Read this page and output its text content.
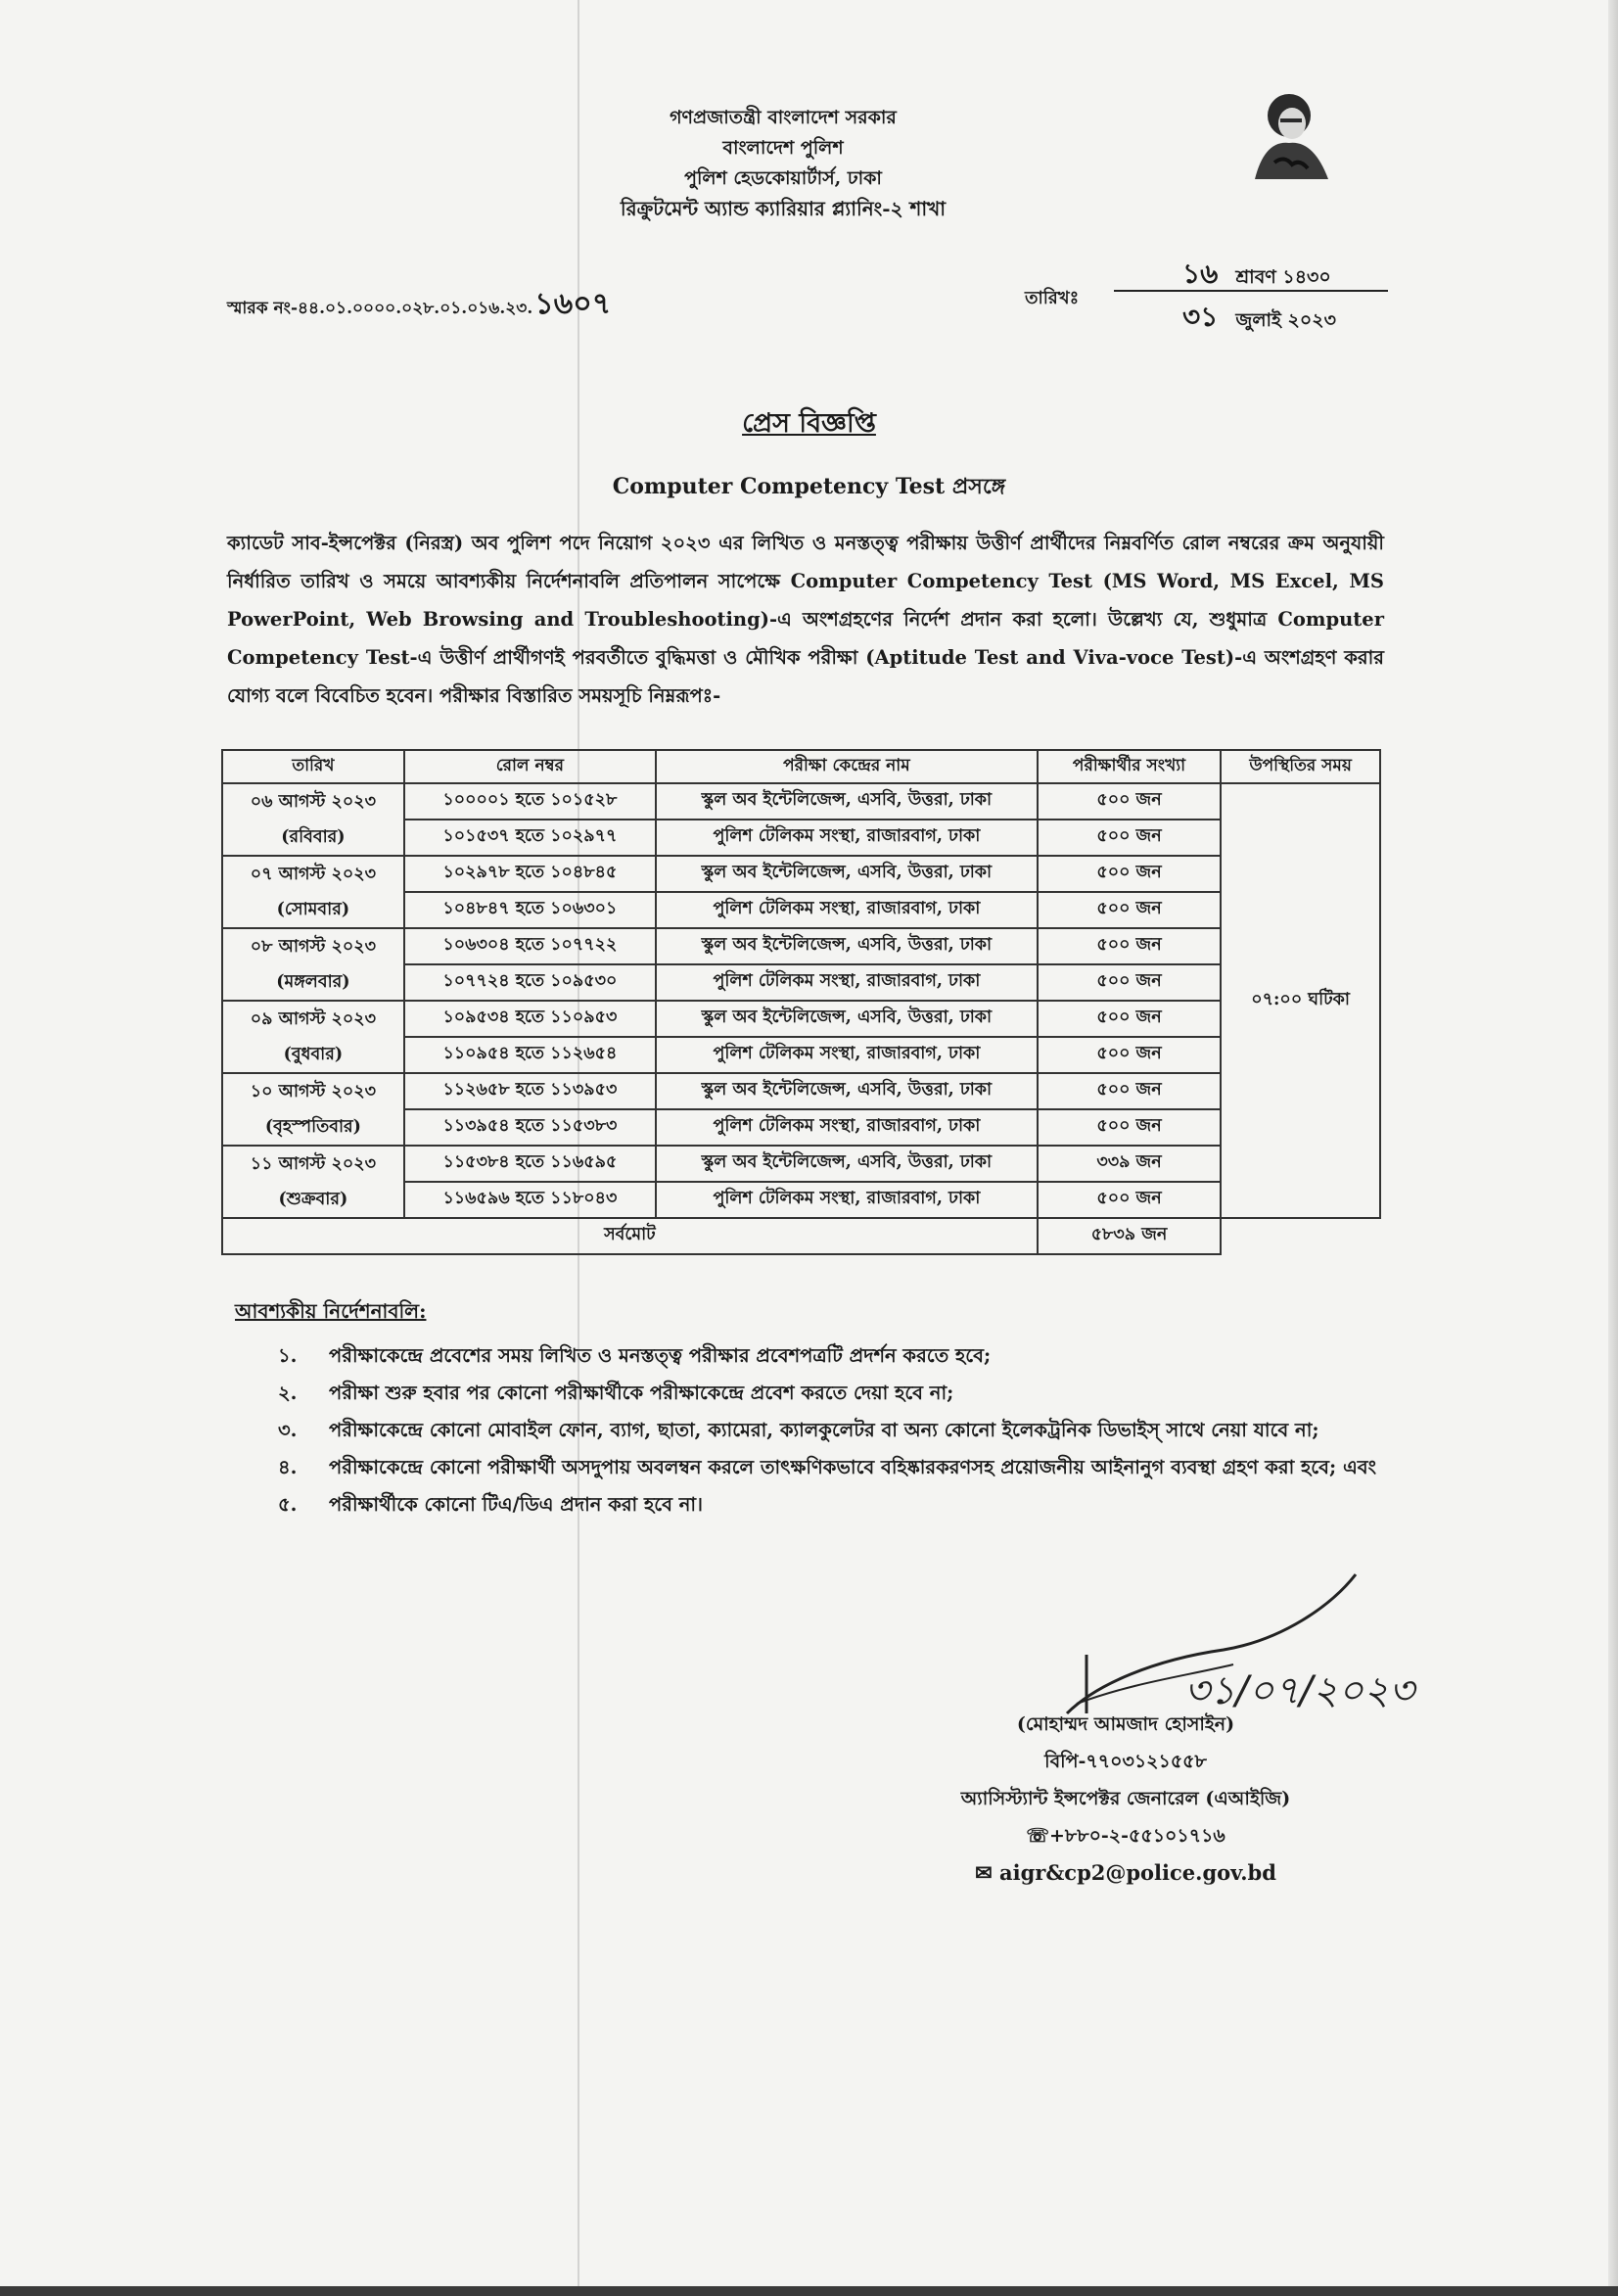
গণপ্রজাতন্ত্রী বাংলাদেশ সরকার
বাংলাদেশ পুলিশ
পুলিশ হেডকোয়ার্টার্স, ঢাকা
রিক্রুটমেন্ট অ্যান্ড ক্যারিয়ার প্ল্যানিং-২ শাখা
স্মারক নং-৪৪.০১.০০০০.০২৮.০১.০১৬.২৩.১৬০৭	তারিখঃ
১৬ শ্রাবণ ১৪৩০
৩১ জুলাই ২০২৩
প্রেস বিজ্ঞপ্তি
Computer Competency Test প্রসঙ্গে
ক্যাডেট সাব-ইন্সপেক্টর (নিরস্ত্র) অব পুলিশ পদে নিয়োগ ২০২৩ এর লিখিত ও মনস্তত্ত্ব পরীক্ষায় উত্তীর্ণ প্রার্থীদের নিম্নবর্ণিত রোল নম্বরের ক্রম অনুযায়ী নির্ধারিত তারিখ ও সময়ে আবশ্যকীয় নির্দেশনাবলি প্রতিপালন সাপেক্ষে Computer Competency Test (MS Word, MS Excel, MS PowerPoint, Web Browsing and Troubleshooting)-এ অংশগ্রহণের নির্দেশ প্রদান করা হলো। উল্লেখ্য যে, শুধুমাত্র Computer Competency Test-এ উত্তীর্ণ প্রার্থীগণই পরবর্তীতে বুদ্ধিমত্তা ও মৌখিক পরীক্ষা (Aptitude Test and Viva-voce Test)-এ অংশগ্রহণ করার যোগ্য বলে বিবেচিত হবেন। পরীক্ষার বিস্তারিত সময়সূচি নিম্নরূপঃ-
তারিখ	রোল নম্বর	পরীক্ষা কেন্দ্রের নাম	পরীক্ষার্থীর সংখ্যা	উপস্থিতির সময়
০৬ আগস্ট ২০২৩
(রবিবার)	১০০০০১ হতে ১০১৫২৮	স্কুল অব ইন্টেলিজেন্স, এসবি, উত্তরা, ঢাকা	৫০০ জন	০৭:০০ ঘটিকা
	১০১৫৩৭ হতে ১০২৯৭৭	পুলিশ টেলিকম সংস্থা, রাজারবাগ, ঢাকা	৫০০ জন	
০৭ আগস্ট ২০২৩
(সোমবার)	১০২৯৭৮ হতে ১০৪৮৪৫	স্কুল অব ইন্টেলিজেন্স, এসবি, উত্তরা, ঢাকা	৫০০ জন	
	১০৪৮৪৭ হতে ১০৬৩০১	পুলিশ টেলিকম সংস্থা, রাজারবাগ, ঢাকা	৫০০ জন	
০৮ আগস্ট ২০২৩
(মঙ্গলবার)	১০৬৩০৪ হতে ১০৭৭২২	স্কুল অব ইন্টেলিজেন্স, এসবি, উত্তরা, ঢাকা	৫০০ জন	
	১০৭৭২৪ হতে ১০৯৫৩০	পুলিশ টেলিকম সংস্থা, রাজারবাগ, ঢাকা	৫০০ জন	
০৯ আগস্ট ২০২৩
(বুধবার)	১০৯৫৩৪ হতে ১১০৯৫৩	স্কুল অব ইন্টেলিজেন্স, এসবি, উত্তরা, ঢাকা	৫০০ জন	
	১১০৯৫৪ হতে ১১২৬৫৪	পুলিশ টেলিকম সংস্থা, রাজারবাগ, ঢাকা	৫০০ জন	
১০ আগস্ট ২০২৩
(বৃহস্পতিবার)	১১২৬৫৮ হতে ১১৩৯৫৩	স্কুল অব ইন্টেলিজেন্স, এসবি, উত্তরা, ঢাকা	৫০০ জন	
	১১৩৯৫৪ হতে ১১৫৩৮৩	পুলিশ টেলিকম সংস্থা, রাজারবাগ, ঢাকা	৫০০ জন	
১১ আগস্ট ২০২৩
(শুক্রবার)	১১৫৩৮৪ হতে ১১৬৫৯৫	স্কুল অব ইন্টেলিজেন্স, এসবি, উত্তরা, ঢাকা	৩৩৯ জন	
	১১৬৫৯৬ হতে ১১৮০৪৩	পুলিশ টেলিকম সংস্থা, রাজারবাগ, ঢাকা	৫০০ জন	
সর্বমোট			৫৮৩৯ জন	
আবশ্যকীয় নির্দেশনাবলি:
১.	পরীক্ষাকেন্দ্রে প্রবেশের সময় লিখিত ও মনস্তত্ত্ব পরীক্ষার প্রবেশপত্রটি প্রদর্শন করতে হবে;
২.	পরীক্ষা শুরু হবার পর কোনো পরীক্ষার্থীকে পরীক্ষাকেন্দ্রে প্রবেশ করতে দেয়া হবে না;
৩.	পরীক্ষাকেন্দ্রে কোনো মোবাইল ফোন, ব্যাগ, ছাতা, ক্যামেরা, ক্যালকুলেটর বা অন্য কোনো ইলেকট্রনিক ডিভাইস্ সাথে নেয়া যাবে না;
৪.	পরীক্ষাকেন্দ্রে কোনো পরীক্ষার্থী অসদুপায় অবলম্বন করলে তাৎক্ষণিকভাবে বহিষ্কারকরণসহ প্রয়োজনীয় আইনানুগ ব্যবস্থা গ্রহণ করা হবে; এবং
৫.	পরীক্ষার্থীকে কোনো টিএ/ডিএ প্রদান করা হবে না।
৩১/০৭/২০২৩
(মোহাম্মদ আমজাদ হোসাইন)
বিপি-৭৭০৩১২১৫৫৮
অ্যাসিস্ট্যান্ট ইন্সপেক্টর জেনারেল (এআইজি)
☏+৮৮০-২-৫৫১০১৭১৬
✉ aigr&cp2@police.gov.bd
